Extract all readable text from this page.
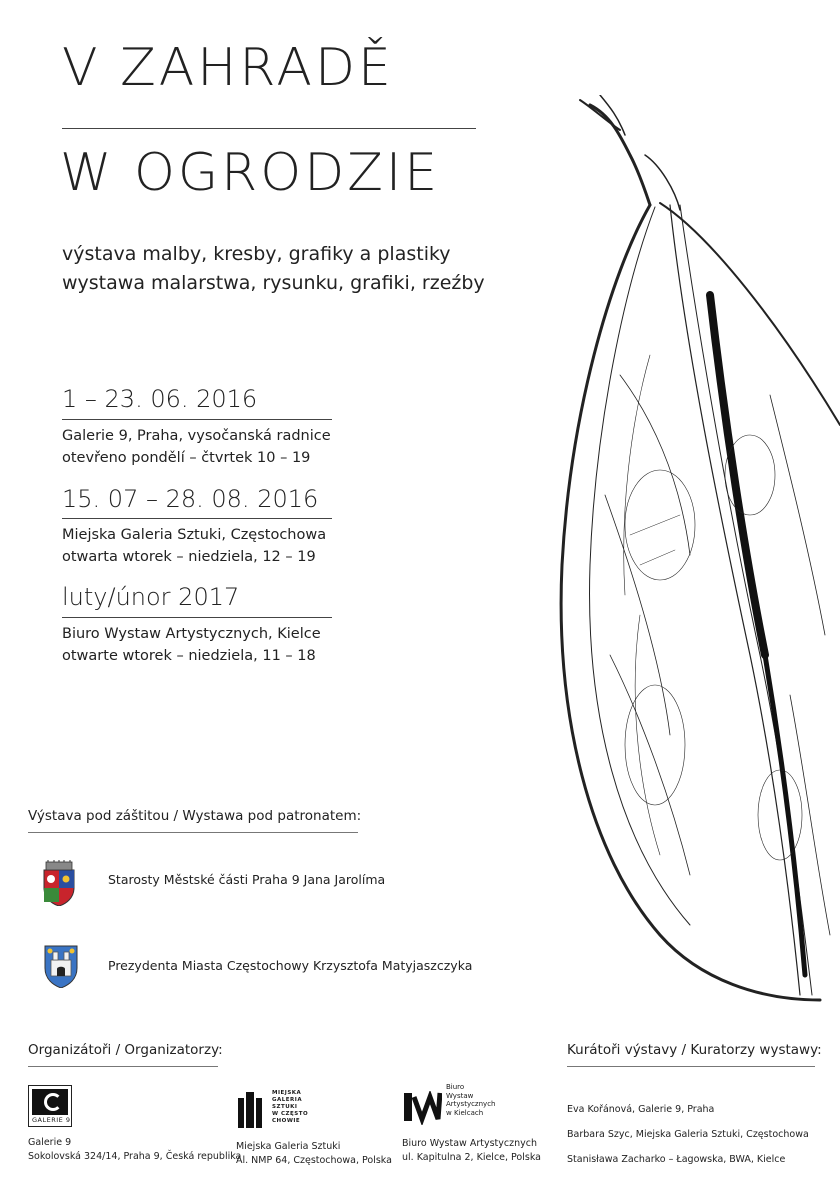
V ZAHRADĚ
W OGRODZIE
výstava malby, kresby, grafiky a plastiky
wystawa malarstwa, rysunku, grafiki, rzeźby
1 – 23. 06. 2016
Galerie 9, Praha, vysočanská radnice
otevřeno pondělí – čtvrtek 10 – 19
15. 07 – 28. 08. 2016
Miejska Galeria Sztuki, Częstochowa
otwarta wtorek – niedziela, 12 – 19
luty/únor 2017
Biuro Wystaw Artystycznych, Kielce
otwarte wtorek – niedziela, 11 – 18
Výstava pod záštitou / Wystawa pod patronatem:
Starosty Městské části Praha 9 Jana Jarolíma
Prezydenta Miasta Częstochowy Krzysztofa Matyjaszczyka
Organizátoři / Organizatorzy:
GALERIE 9
Galerie 9
Sokolovská 324/14, Praha 9, Česká republika
MIEJSKA
GALERIA
SZTUKI
W CZĘSTO
CHOWIE
Miejska Galeria Sztuki
Al. NMP 64, Częstochowa, Polska
Biuro
Wystaw
Artystycznych
w Kielcach
Biuro Wystaw Artystycznych
ul. Kapitulna 2, Kielce, Polska
Kurátoři výstavy / Kuratorzy wystawy:
Eva Kořánová, Galerie 9, Praha
Barbara Szyc, Miejska Galeria Sztuki, Częstochowa
Stanisława Zacharko – Łagowska, BWA, Kielce
